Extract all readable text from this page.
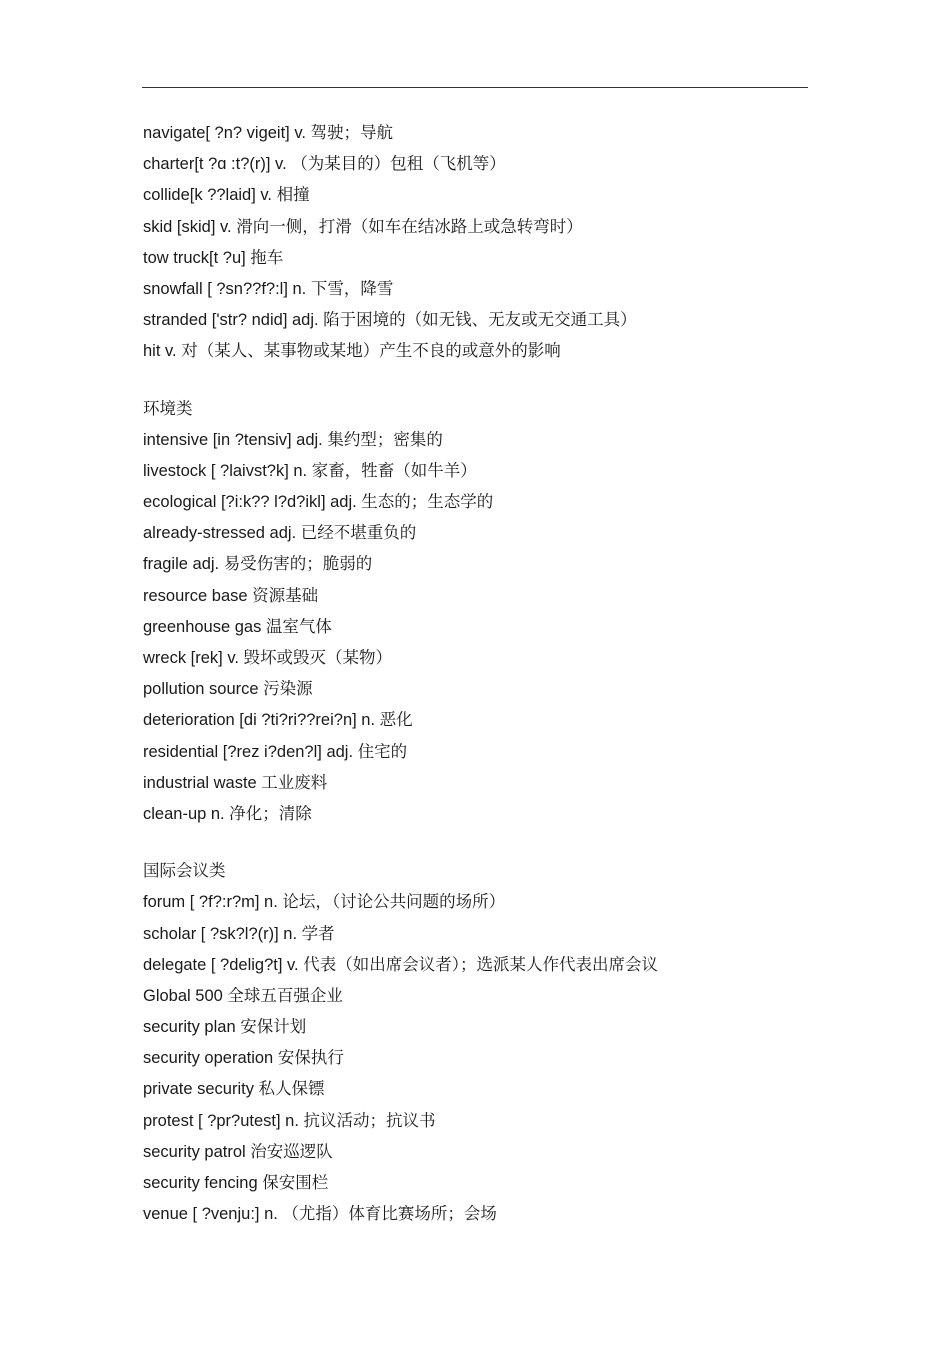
navigate[ ?n? vigeit] v. 驾驶；导航
charter[t ?ɑ :t?(r)] v. （为某目的）包租（飞机等）
collide[k ??laid] v. 相撞
skid [skid] v. 滑向一侧，打滑（如车在结冰路上或急转弯时）
tow truck[t ?u] 拖车
snowfall [ ?sn??f?:l] n. 下雪，降雪
stranded ['str? ndid] adj. 陷于困境的（如无钱、无友或无交通工具）
hit v. 对（某人、某事物或某地）产生不良的或意外的影响
环境类
intensive [in ?tensiv] adj. 集约型；密集的
livestock [ ?laivst?k] n. 家畜，牲畜（如牛羊）
ecological [?i:k?? l?d?ikl] adj. 生态的；生态学的
already-stressed adj. 已经不堪重负的
fragile adj. 易受伤害的；脆弱的
resource base 资源基础
greenhouse gas 温室气体
wreck [rek] v. 毁坏或毁灭（某物）
pollution source 污染源
deterioration [di ?ti?ri??rei?n] n. 恶化
residential [?rez i?den?l] adj. 住宅的
industrial waste 工业废料
clean-up n. 净化；清除
国际会议类
forum [ ?f?:r?m] n. 论坛，（讨论公共问题的场所）
scholar [ ?sk?l?(r)] n. 学者
delegate [ ?delig?t] v. 代表（如出席会议者）；选派某人作代表出席会议
Global 500 全球五百强企业
security plan 安保计划
security operation 安保执行
private security 私人保镖
protest [ ?pr?utest] n. 抗议活动；抗议书
security patrol 治安巡逻队
security fencing 保安围栏
venue [ ?venju:] n. （尤指）体育比赛场所；会场
